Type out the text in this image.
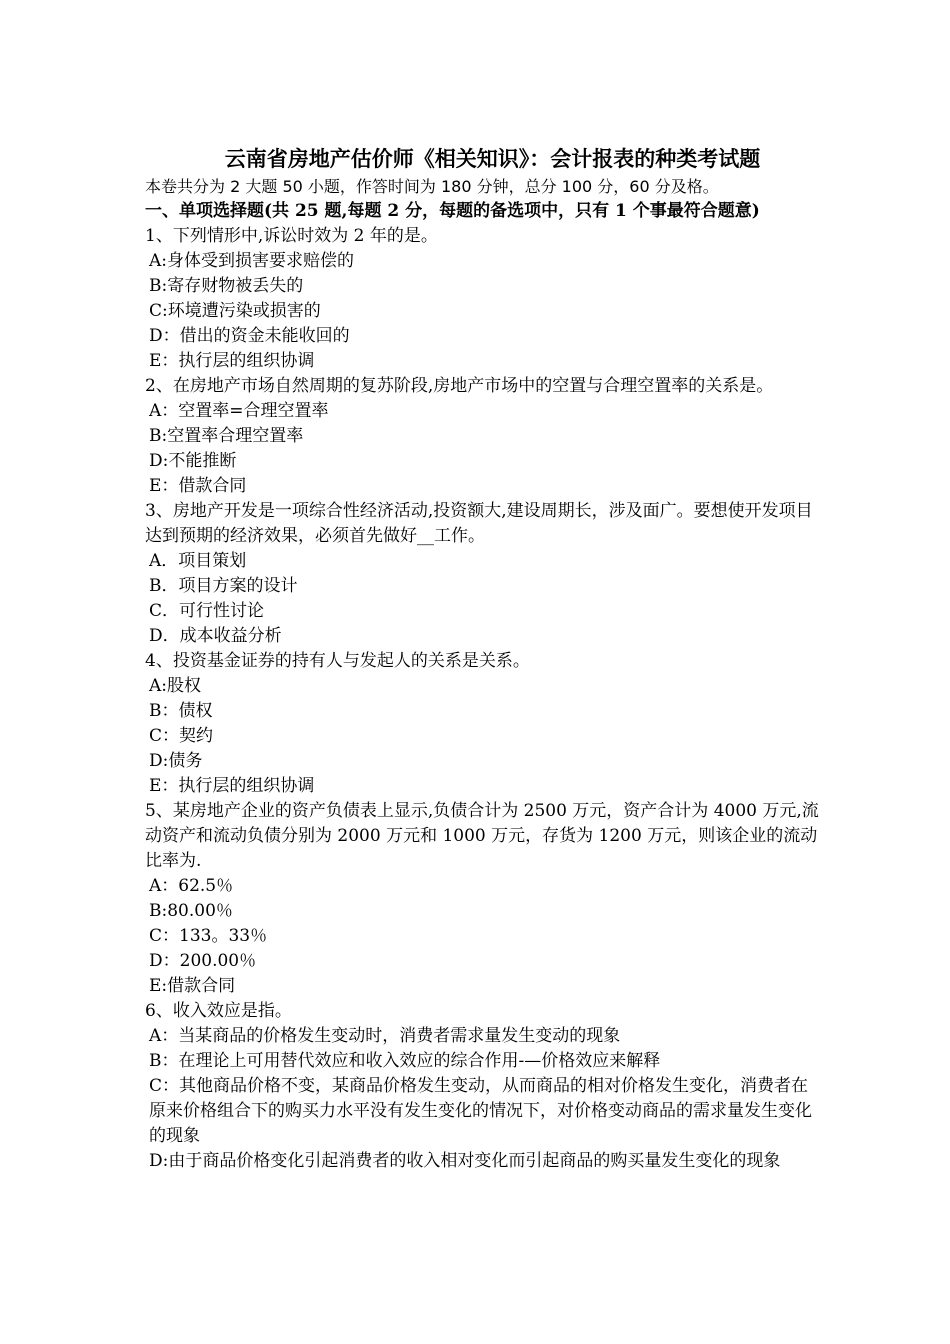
云南省房地产估价师《相关知识》：会计报表的种类考试题
本卷共分为 2 大题 50 小题，作答时间为 180 分钟，总分 100 分，60 分及格。
一、单项选择题(共 25 题,每题 2 分，每题的备选项中，只有 1 个事最符合题意)
1、下列情形中,诉讼时效为 2 年的是。
A:身体受到损害要求赔偿的
B:寄存财物被丢失的
C:环境遭污染或损害的
D：借出的资金未能收回的
E：执行层的组织协调
2、在房地产市场自然周期的复苏阶段,房地产市场中的空置与合理空置率的关系是。
A：空置率=合理空置率
B:空置率合理空置率
D:不能推断
E：借款合同
3、房地产开发是一项综合性经济活动,投资额大,建设周期长，涉及面广。要想使开发项目达到预期的经济效果，必须首先做好__工作。
A．项目策划
B．项目方案的设计
C．可行性讨论
D．成本收益分析
4、投资基金证券的持有人与发起人的关系是关系。
A:股权
B：债权
C：契约
D:债务
E：执行层的组织协调
5、某房地产企业的资产负债表上显示,负债合计为 2500 万元，资产合计为 4000 万元,流动资产和流动负债分别为 2000 万元和 1000 万元，存货为 1200 万元，则该企业的流动比率为.
A：62.5％
B:80.00％
C：133。33％
D：200.00％
E:借款合同
6、收入效应是指。
A：当某商品的价格发生变动时，消费者需求量发生变动的现象
B：在理论上可用替代效应和收入效应的综合作用-—价格效应来解释
C：其他商品价格不变，某商品价格发生变动，从而商品的相对价格发生变化，消费者在原来价格组合下的购买力水平没有发生变化的情况下，对价格变动商品的需求量发生变化的现象
D:由于商品价格变化引起消费者的收入相对变化而引起商品的购买量发生变化的现象
